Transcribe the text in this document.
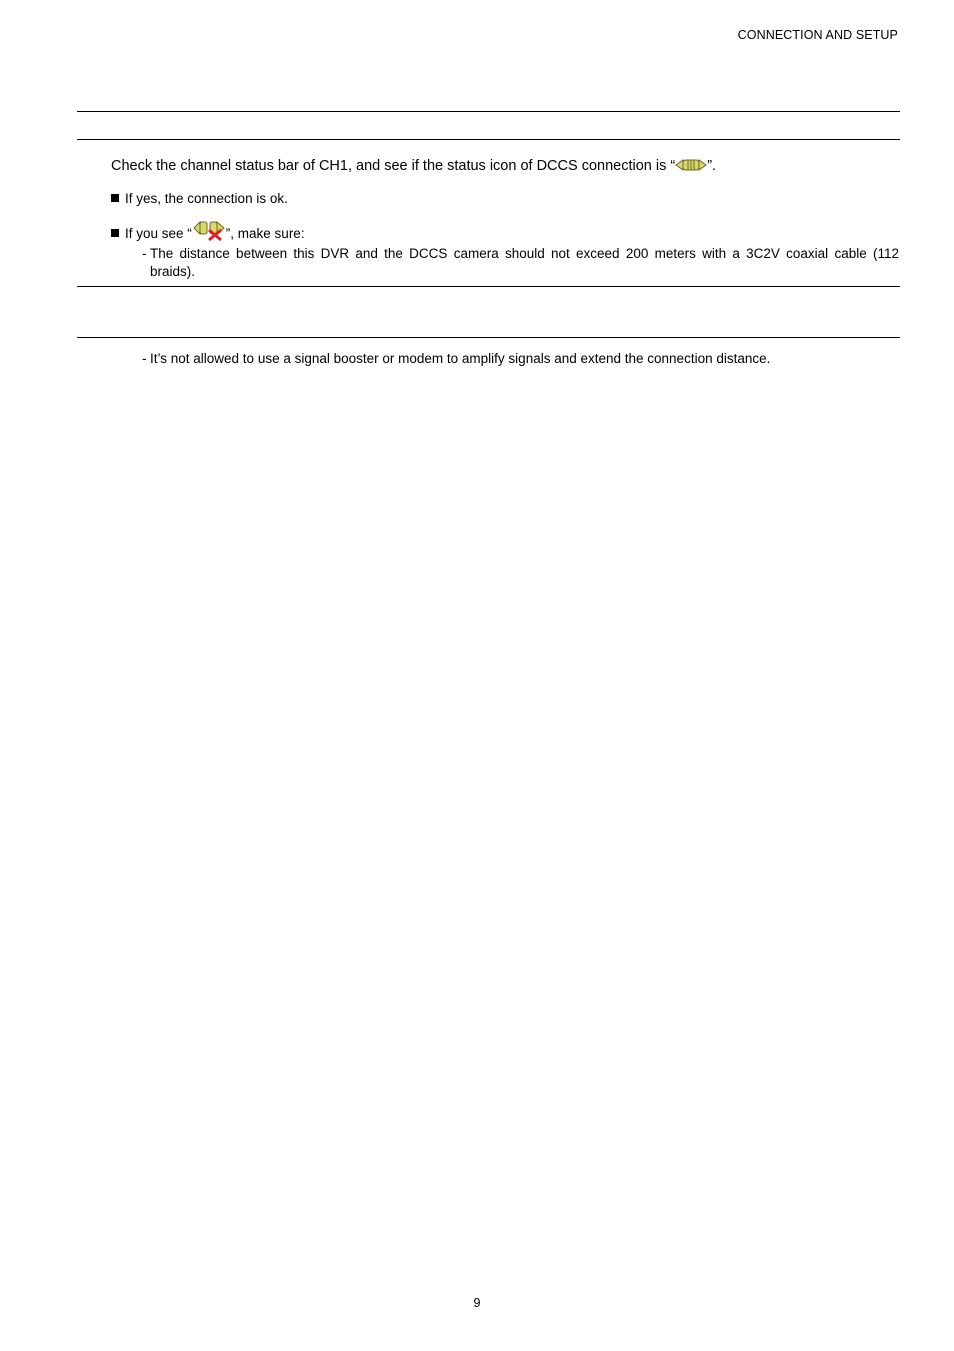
CONNECTION AND SETUP
Check the channel status bar of CH1, and see if the status icon of DCCS connection is “ ”.
If yes, the connection is ok.
If you see “	”, make sure:
- The distance between this DVR and the DCCS camera should not exceed 200 meters with a 3C2V coaxial cable (112 braids).
- It’s not allowed to use a signal booster or modem to amplify signals and extend the connection distance.
9
